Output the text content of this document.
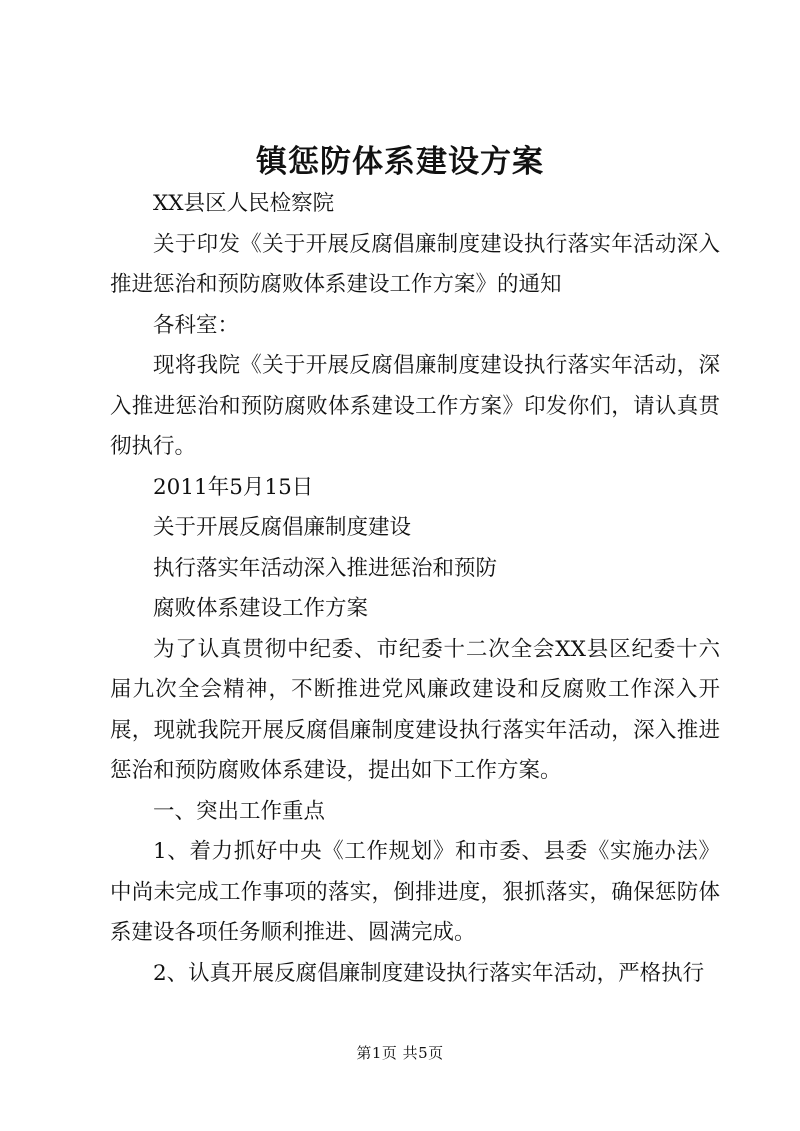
镇惩防体系建设方案

XX县区人民检察院

关于印发《关于开展反腐倡廉制度建设执行落实年活动深入推进惩治和预防腐败体系建设工作方案》的通知

各科室：

现将我院《关于开展反腐倡廉制度建设执行落实年活动，深入推进惩治和预防腐败体系建设工作方案》印发你们，请认真贯彻执行。

2011年5月15日

关于开展反腐倡廉制度建设

执行落实年活动深入推进惩治和预防

腐败体系建设工作方案

为了认真贯彻中纪委、市纪委十二次全会XX县区纪委十六届九次全会精神，不断推进党风廉政建设和反腐败工作深入开展，现就我院开展反腐倡廉制度建设执行落实年活动，深入推进惩治和预防腐败体系建设，提出如下工作方案。

一、突出工作重点

1、着力抓好中央《工作规划》和市委、县委《实施办法》中尚未完成工作事项的落实，倒排进度，狠抓落实，确保惩防体系建设各项任务顺利推进、圆满完成。

2、认真开展反腐倡廉制度建设执行落实年活动，严格执行

第1页 共5页
